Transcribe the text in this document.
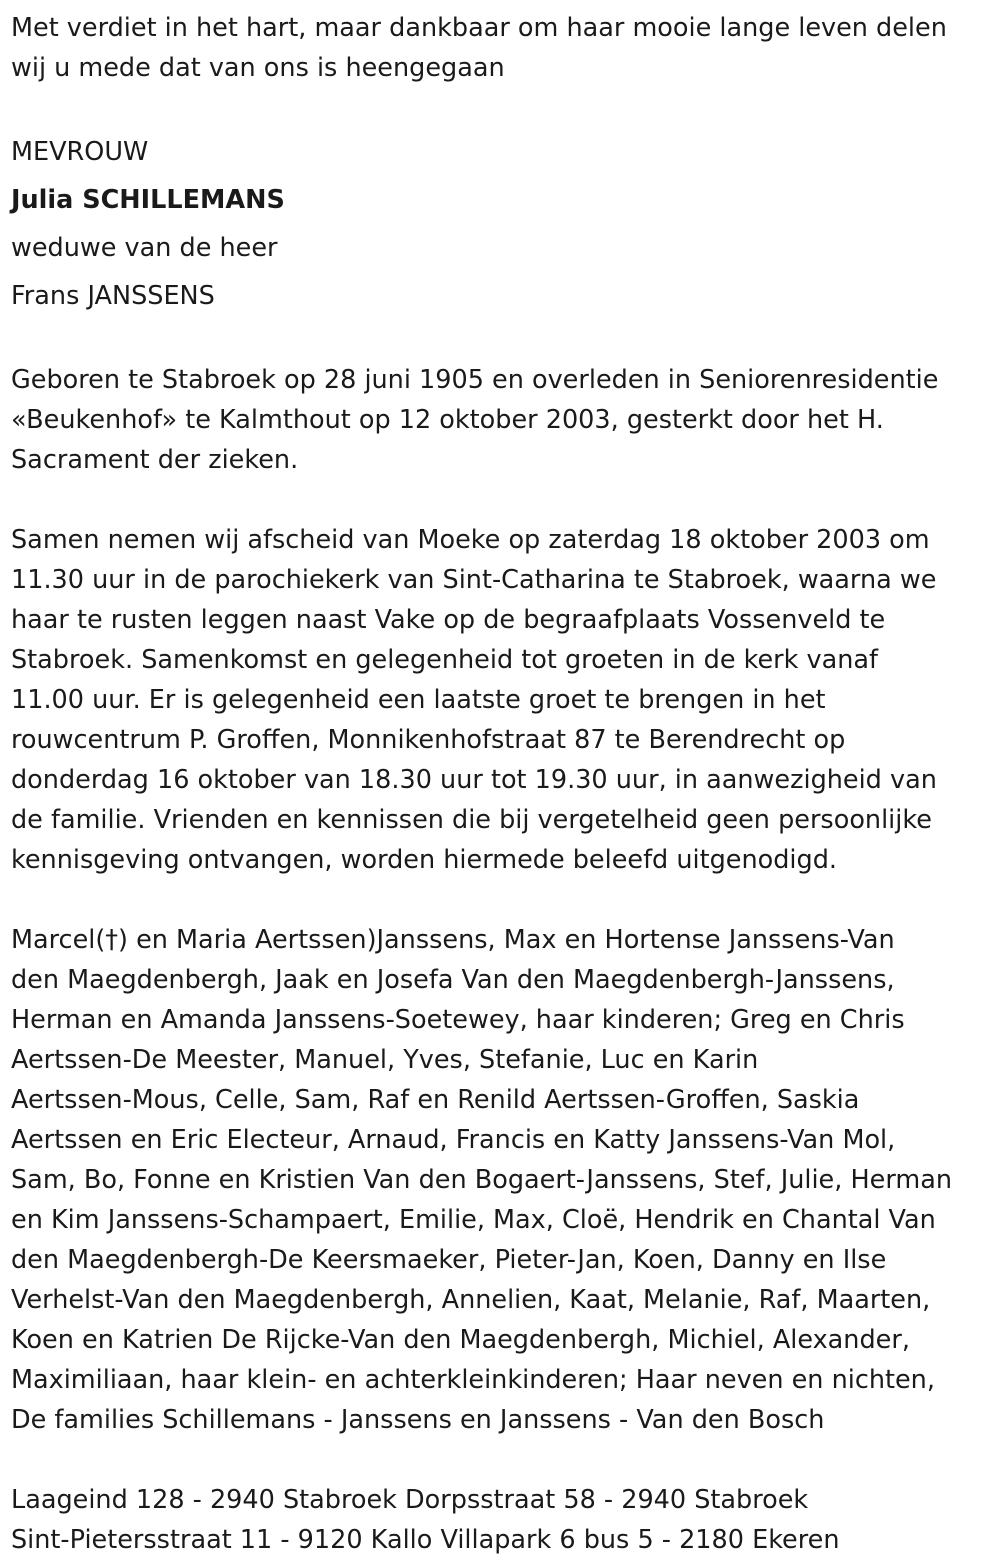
Met verdiet in het hart, maar dankbaar om haar mooie lange leven delen
wij u mede dat van ons is heengegaan
MEVROUW
Julia SCHILLEMANS
weduwe van de heer
Frans JANSSENS
Geboren te Stabroek op 28 juni 1905 en overleden in Seniorenresidentie
«Beukenhof» te Kalmthout op 12 oktober 2003, gesterkt door het H.
Sacrament der zieken.
Samen nemen wij afscheid van Moeke op zaterdag 18 oktober 2003 om
11.30 uur in de parochiekerk van Sint-Catharina te Stabroek, waarna we
haar te rusten leggen naast Vake op de begraafplaats Vossenveld te
Stabroek. Samenkomst en gelegenheid tot groeten in de kerk vanaf
11.00 uur. Er is gelegenheid een laatste groet te brengen in het
rouwcentrum P. Groffen, Monnikenhofstraat 87 te Berendrecht op
donderdag 16 oktober van 18.30 uur tot 19.30 uur, in aanwezigheid van
de familie. Vrienden en kennissen die bij vergetelheid geen persoonlijke
kennisgeving ontvangen, worden hiermede beleefd uitgenodigd.
Marcel(†) en Maria Aertssen)Janssens, Max en Hortense Janssens-Van
den Maegdenbergh, Jaak en Josefa Van den Maegdenbergh-Janssens,
Herman en Amanda Janssens-Soetewey, haar kinderen; Greg en Chris
Aertssen-De Meester, Manuel, Yves, Stefanie, Luc en Karin
Aertssen-Mous, Celle, Sam, Raf en Renild Aertssen-Groffen, Saskia
Aertssen en Eric Electeur, Arnaud, Francis en Katty Janssens-Van Mol,
Sam, Bo, Fonne en Kristien Van den Bogaert-Janssens, Stef, Julie, Herman
en Kim Janssens-Schampaert, Emilie, Max, Cloë, Hendrik en Chantal Van
den Maegdenbergh-De Keersmaeker, Pieter-Jan, Koen, Danny en Ilse
Verhelst-Van den Maegdenbergh, Annelien, Kaat, Melanie, Raf, Maarten,
Koen en Katrien De Rijcke-Van den Maegdenbergh, Michiel, Alexander,
Maximiliaan, haar klein- en achterkleinkinderen; Haar neven en nichten,
De families Schillemans - Janssens en Janssens - Van den Bosch
Laageind 128 - 2940 Stabroek Dorpsstraat 58 - 2940 Stabroek
Sint-Pietersstraat 11 - 9120 Kallo Villapark 6 bus 5 - 2180 Ekeren
